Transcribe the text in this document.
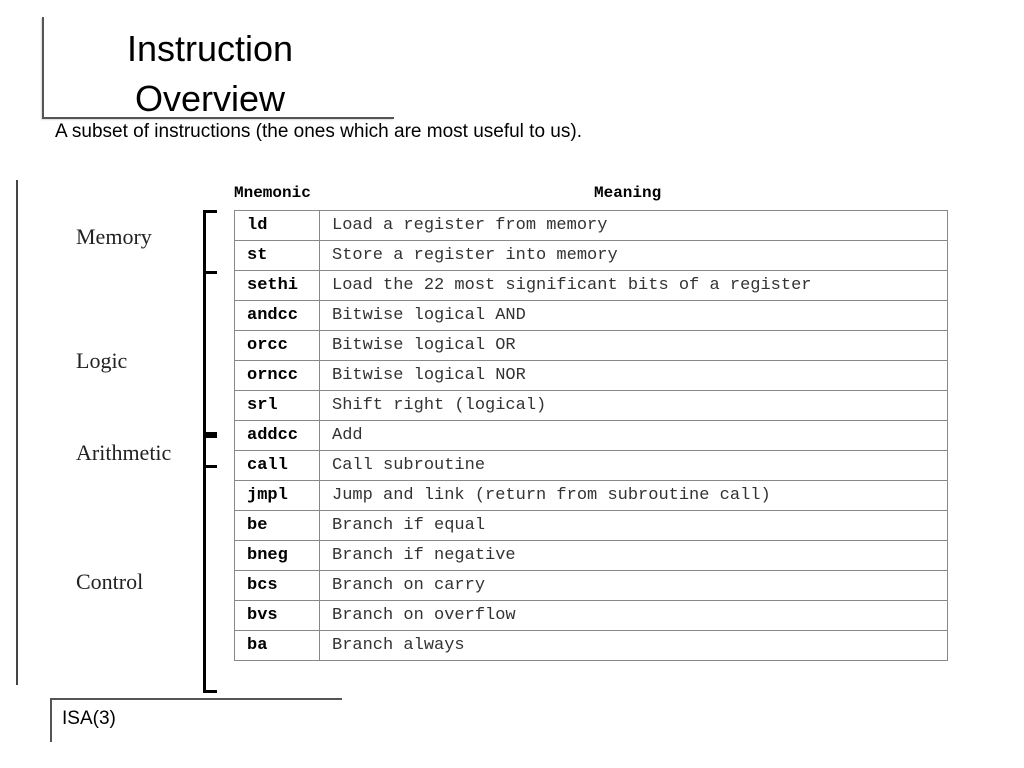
Instruction
Overview
A subset of instructions (the ones which are most useful to us).
Memory
Logic
Arithmetic
Control
Mnemonic	Meaning
ld	Load a register from memory
st	Store a register into memory
sethi	Load the 22 most significant bits of a register
andcc	Bitwise logical AND
orcc	Bitwise logical OR
orncc	Bitwise logical NOR
srl	Shift right (logical)
addcc	Add
call	Call subroutine
jmpl	Jump and link (return from subroutine call)
be	Branch if equal
bneg	Branch if negative
bcs	Branch on carry
bvs	Branch on overflow
ba	Branch always
ISA(3)
